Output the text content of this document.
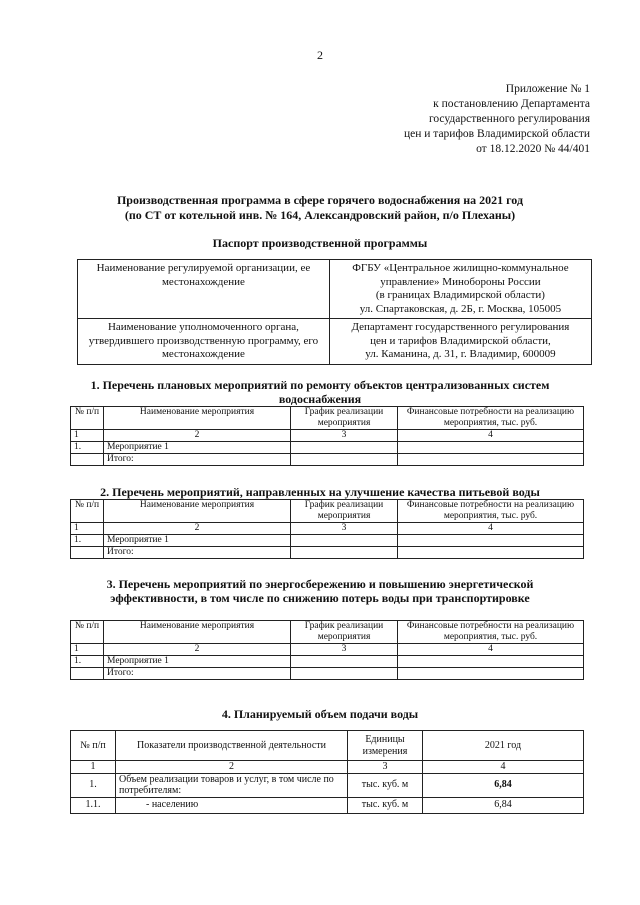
2
Приложение № 1
к постановлению Департамента
государственного регулирования
цен и тарифов Владимирской области
от 18.12.2020 № 44/401
Производственная программа в сфере горячего водоснабжения на 2021 год
(по СТ от котельной инв. № 164, Александровский район, п/о Плеханы)
Паспорт производственной программы
Наименование регулируемой организации, ее местонахождение	ФГБУ «Центральное жилищно-коммунальное
управление» Минобороны России
(в границах Владимирской области)
ул. Спартаковская, д. 2Б, г. Москва, 105005

Наименование уполномоченного органа, утвердившего производственную программу, его местонахождение	Департамент государственного регулирования
цен и тарифов Владимирской области,
ул. Каманина, д. 31, г. Владимир, 600009
1. Перечень плановых мероприятий по ремонту объектов централизованных систем
водоснабжения
№ п/п	Наименование мероприятия	График реализации мероприятия	Финансовые потребности на реализацию мероприятия, тыс. руб.
1	2	3	4
1.	Мероприятие 1		
	Итого:		
2. Перечень мероприятий, направленных на улучшение качества питьевой воды
№ п/п	Наименование мероприятия	График реализации мероприятия	Финансовые потребности на реализацию мероприятия, тыс. руб.
1	2	3	4
1.	Мероприятие 1		
	Итого:		
3. Перечень мероприятий по энергосбережению и повышению энергетической
эффективности, в том числе по снижению потерь воды при транспортировке
№ п/п	Наименование мероприятия	График реализации мероприятия	Финансовые потребности на реализацию мероприятия, тыс. руб.
1	2	3	4
1.	Мероприятие 1		
	Итого:		
4. Планируемый объем подачи воды
№ п/п	Показатели производственной деятельности	Единицы измерения	2021 год
1	2	3	4
1.	Объем реализации товаров и услуг, в том числе по потребителям:	тыс. куб. м	6,84
1.1.	- населению	тыс. куб. м	6,84
